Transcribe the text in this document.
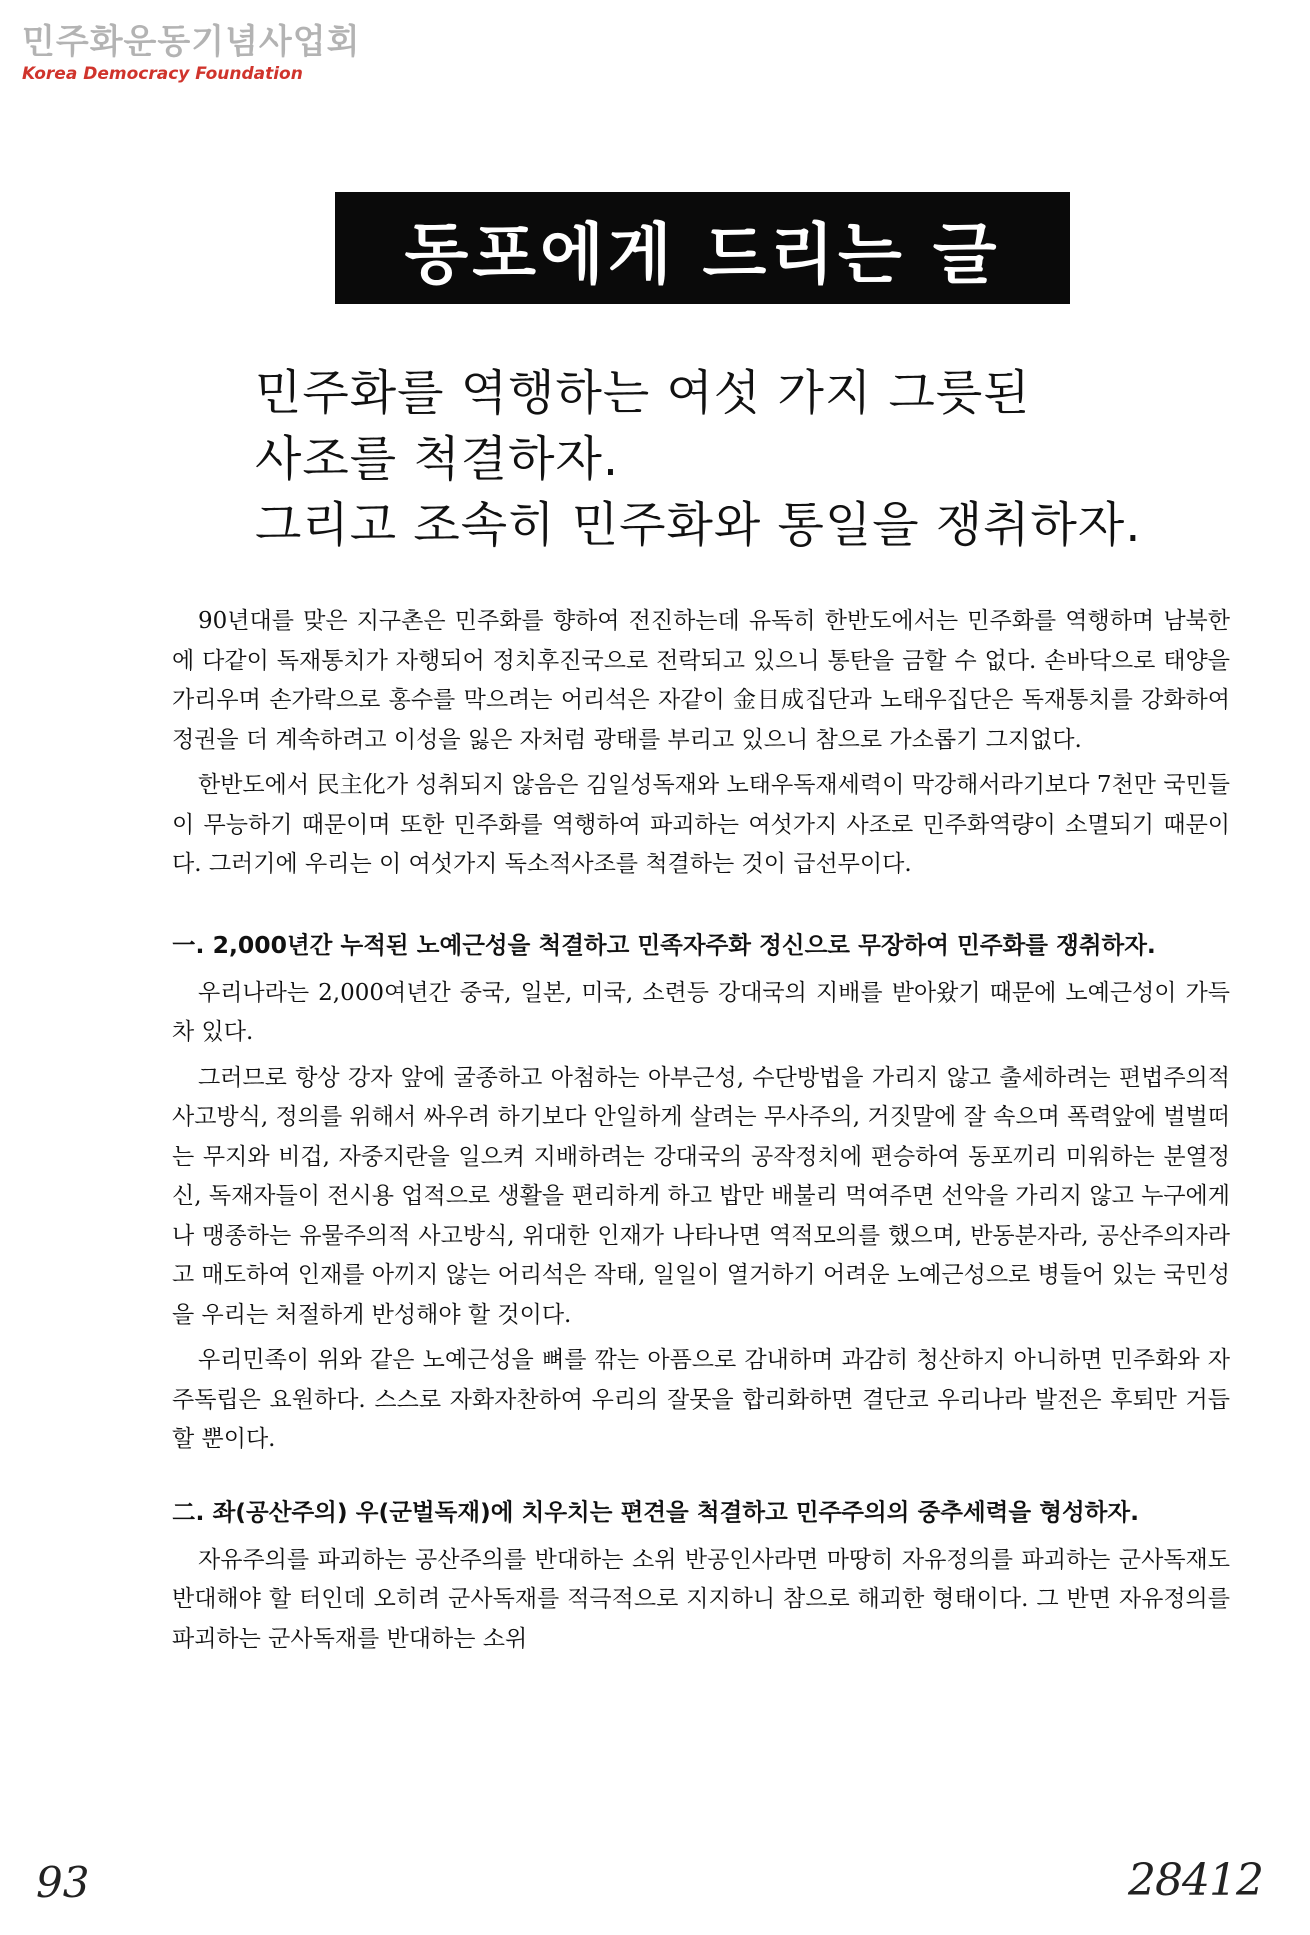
민주화운동기념사업회
Korea Democracy Foundation
동포에게 드리는 글
민주화를 역행하는 여섯 가지 그릇된
사조를 척결하자.
그리고 조속히 민주화와 통일을 쟁취하자.

90년대를 맞은 지구촌은 민주화를 향하여 전진하는데 유독히 한반도에서는 민주화를 역행하며 남북한에 다같이 독재통치가 자행되어 정치후진국으로 전락되고 있으니 통탄을 금할 수 없다. 손바닥으로 태양을 가리우며 손가락으로 홍수를 막으려는 어리석은 자같이 金日成집단과 노태우집단은 독재통치를 강화하여 정권을 더 계속하려고 이성을 잃은 자처럼 광태를 부리고 있으니 참으로 가소롭기 그지없다.

한반도에서 民主化가 성취되지 않음은 김일성독재와 노태우독재세력이 막강해서라기보다 7천만 국민들이 무능하기 때문이며 또한 민주화를 역행하여 파괴하는 여섯가지 사조로 민주화역량이 소멸되기 때문이다. 그러기에 우리는 이 여섯가지 독소적사조를 척결하는 것이 급선무이다.

一. 2,000년간 누적된 노예근성을 척결하고 민족자주화 정신으로 무장하여 민주화를 쟁취하자.

우리나라는 2,000여년간 중국, 일본, 미국, 소련등 강대국의 지배를 받아왔기 때문에 노예근성이 가득 차 있다.

그러므로 항상 강자 앞에 굴종하고 아첨하는 아부근성, 수단방법을 가리지 않고 출세하려는 편법주의적 사고방식, 정의를 위해서 싸우려 하기보다 안일하게 살려는 무사주의, 거짓말에 잘 속으며 폭력앞에 벌벌떠는 무지와 비겁, 자중지란을 일으켜 지배하려는 강대국의 공작정치에 편승하여 동포끼리 미워하는 분열정신, 독재자들이 전시용 업적으로 생활을 편리하게 하고 밥만 배불리 먹여주면 선악을 가리지 않고 누구에게나 맹종하는 유물주의적 사고방식, 위대한 인재가 나타나면 역적모의를 했으며, 반동분자라, 공산주의자라고 매도하여 인재를 아끼지 않는 어리석은 작태, 일일이 열거하기 어려운 노예근성으로 병들어 있는 국민성을 우리는 처절하게 반성해야 할 것이다.

우리민족이 위와 같은 노예근성을 뼈를 깎는 아픔으로 감내하며 과감히 청산하지 아니하면 민주화와 자주독립은 요원하다. 스스로 자화자찬하여 우리의 잘못을 합리화하면 결단코 우리나라 발전은 후퇴만 거듭할 뿐이다.

二. 좌(공산주의) 우(군벌독재)에 치우치는 편견을 척결하고 민주주의의 중추세력을 형성하자.

자유주의를 파괴하는 공산주의를 반대하는 소위 반공인사라면 마땅히 자유정의를 파괴하는 군사독재도 반대해야 할 터인데 오히려 군사독재를 적극적으로 지지하니 참으로 해괴한 형태이다. 그 반면 자유정의를 파괴하는 군사독재를 반대하는 소위

93	28412
